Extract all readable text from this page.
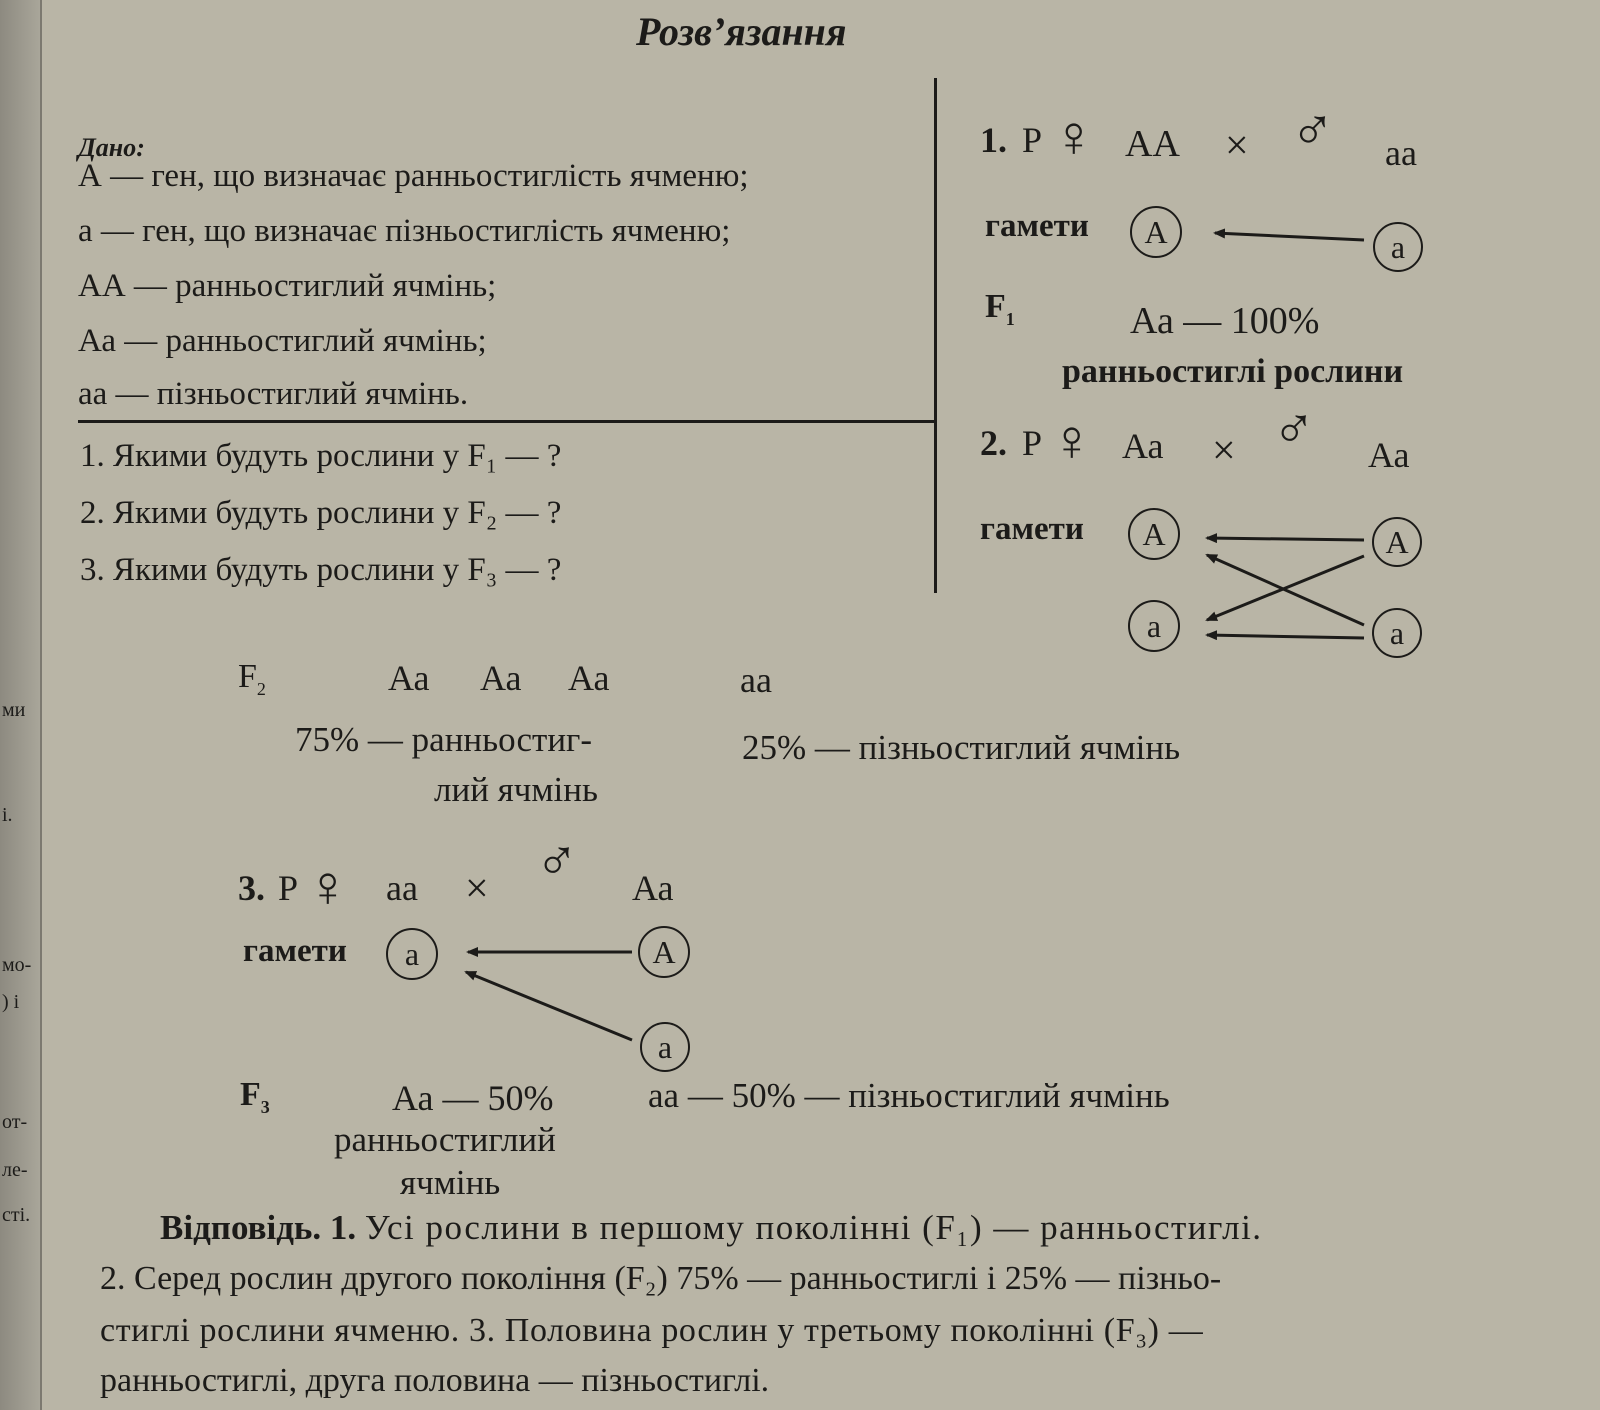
ми
і.
мо-
) і
от-
ле-
сті.
Розв’язання
Дано:
А — ген, що визначає ранньостиглість ячменю;
а — ген, що визначає пізньостиглість ячменю;
АА — ранньостиглий ячмінь;
Аа — ранньостиглий ячмінь;
аа — пізньостиглий ячмінь.
1. Якими будуть рослини у F₁ — ?
2. Якими будуть рослини у F₂ — ?
3. Якими будуть рослини у F₃ — ?
1. Р ♀ АА × ♂ аа
гамети	А	а
$F_1$	Аа — 100%
ранньостиглі рослини
2. Р ♀ Аа × ♂ Аа
гамети	А
а
А
а
$F_2$	Аа Аа Аа	аа
75% — ранньостиг-
лий ячмінь
25% — пізньостиглий ячмінь
3. Р ♀ аа × ♂ Аа
гамети	а	А
а
$F_3$	Аа — 50%
ранньостиглий
ячмінь
аа — 50% — пізньостиглий ячмінь
Відповідь. 1. Усі рослини в першому поколінні (F₁) — ранньостиглі.
2. Серед рослин другого покоління (F₂) 75% — ранньостиглі і 25% — пізньо-
стиглі рослини ячменю. 3. Половина рослин у третьому поколінні (F₃) —
ранньостиглі, друга половина — пізньостиглі.
